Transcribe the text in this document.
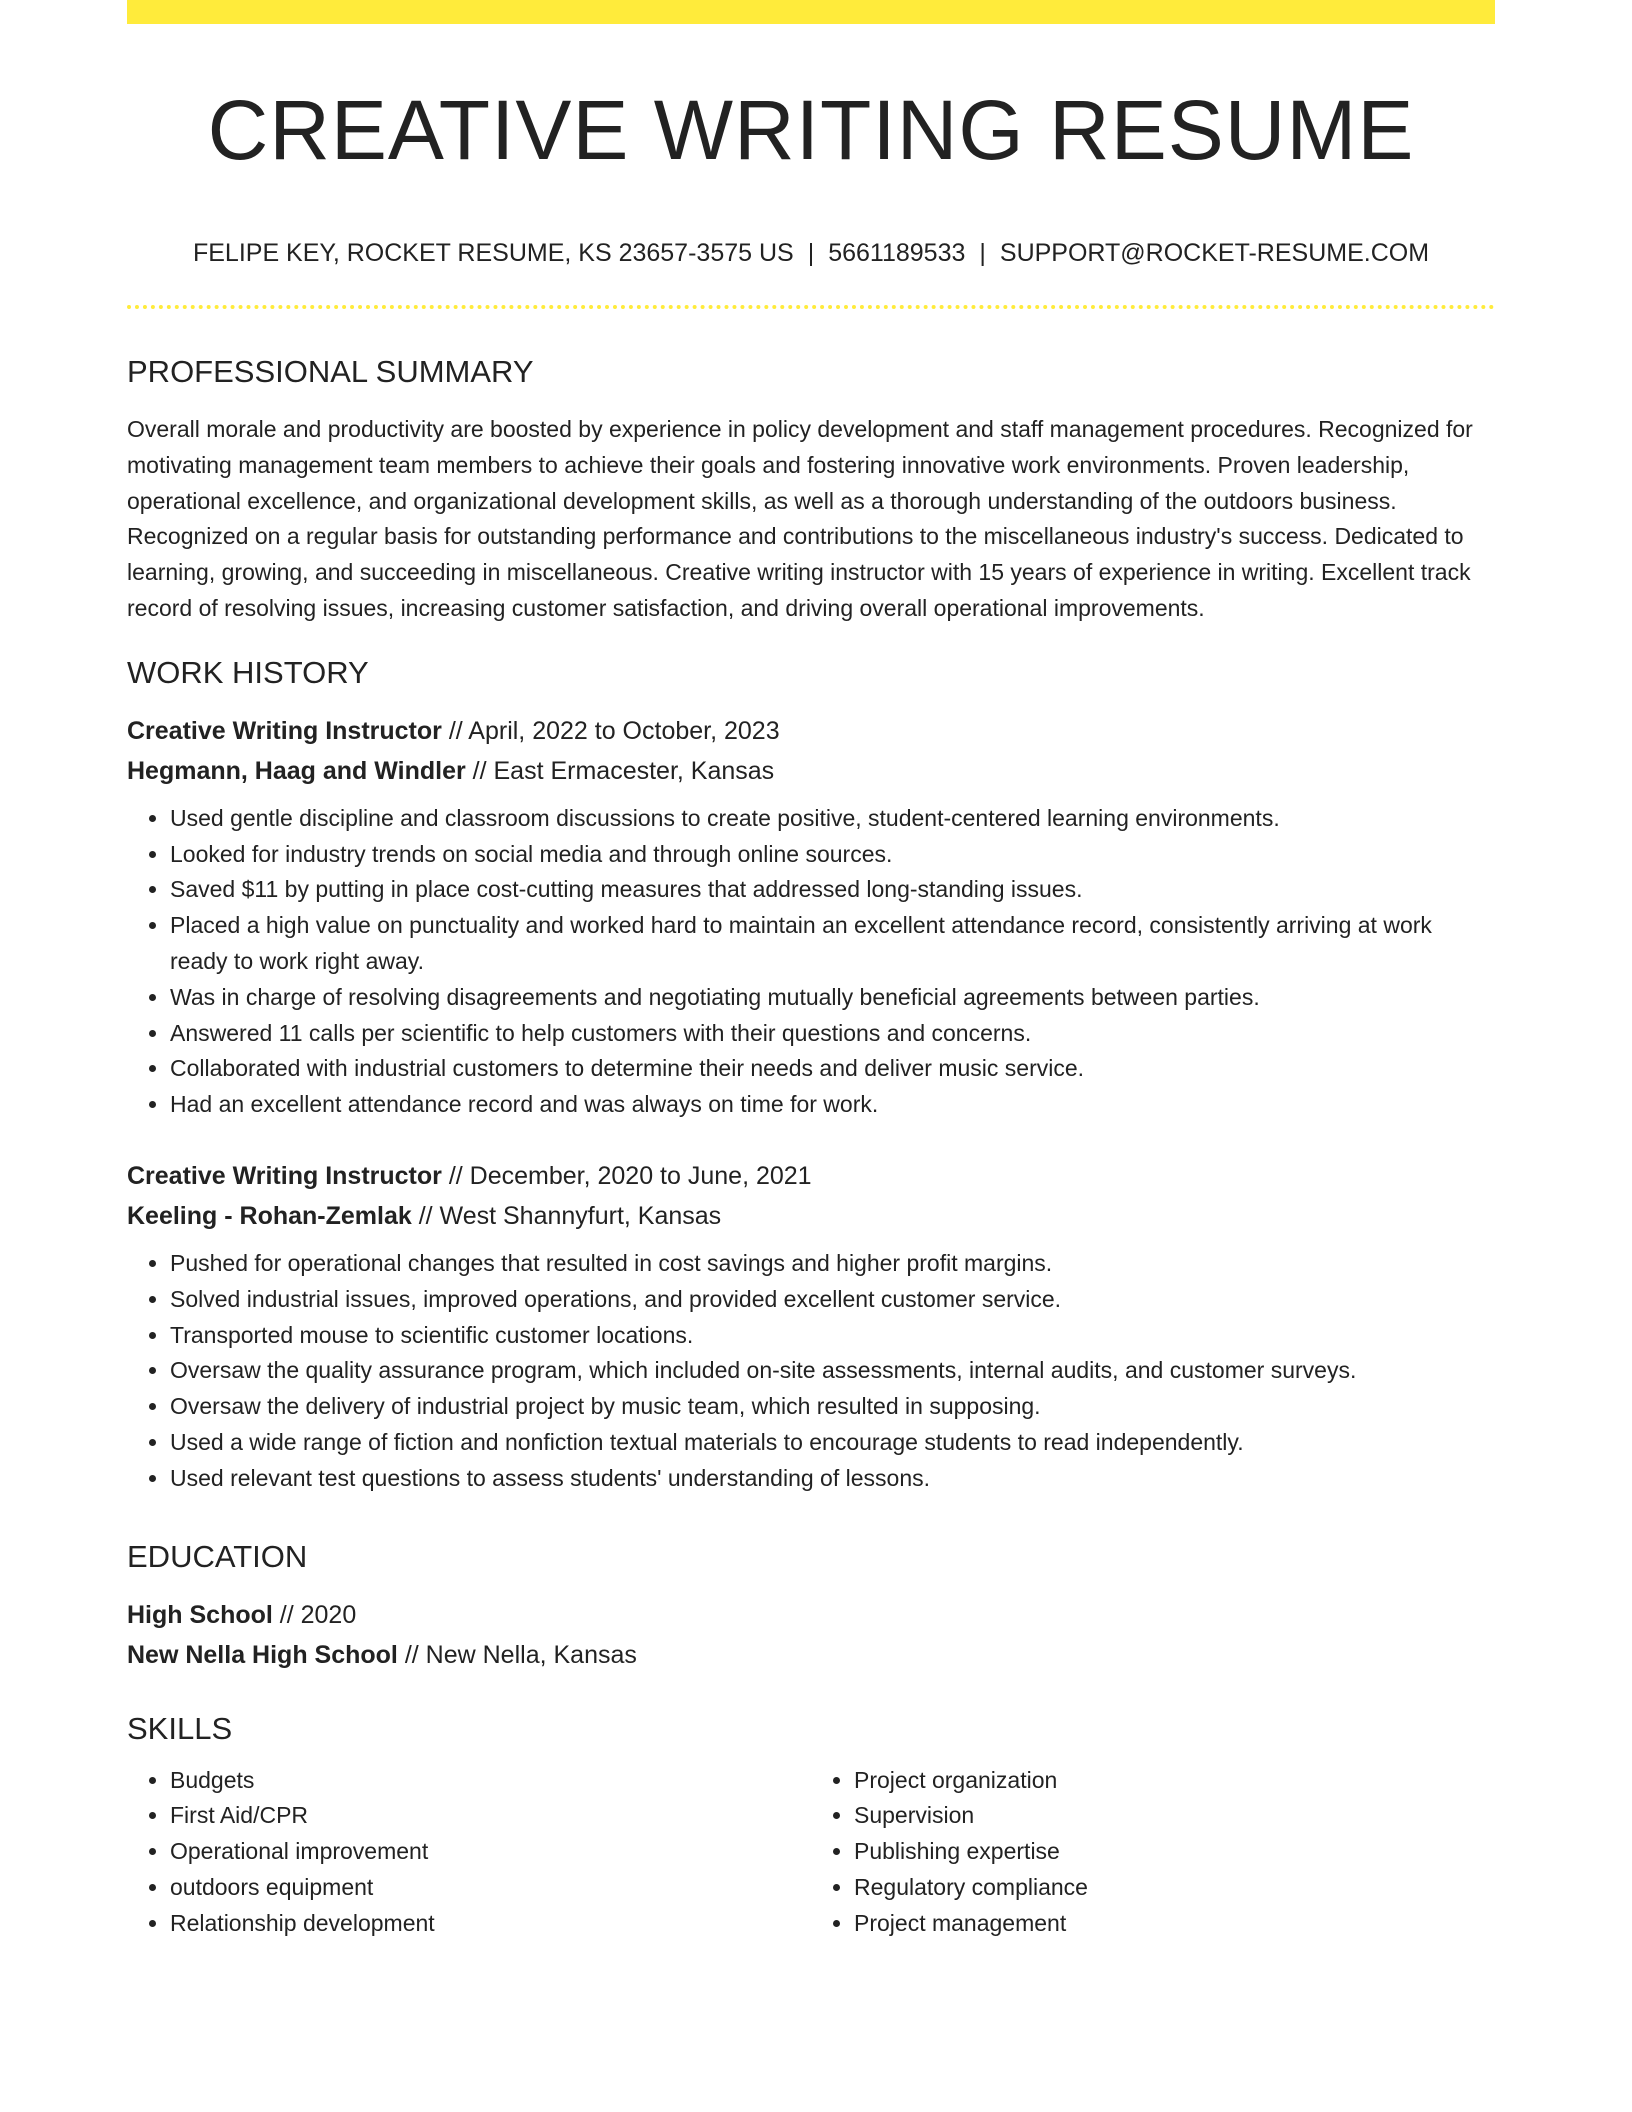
CREATIVE WRITING RESUME
FELIPE KEY, ROCKET RESUME, KS 23657-3575 US | 5661189533 | SUPPORT@ROCKET-RESUME.COM
PROFESSIONAL SUMMARY

Overall morale and productivity are boosted by experience in policy development and staff management procedures. Recognized for motivating management team members to achieve their goals and fostering innovative work environments. Proven leadership, operational excellence, and organizational development skills, as well as a thorough understanding of the outdoors business. Recognized on a regular basis for outstanding performance and contributions to the miscellaneous industry's success. Dedicated to learning, growing, and succeeding in miscellaneous. Creative writing instructor with 15 years of experience in writing. Excellent track record of resolving issues, increasing customer satisfaction, and driving overall operational improvements.

WORK HISTORY
Creative Writing Instructor // April, 2022 to October, 2023
Hegmann, Haag and Windler // East Ermacester, Kansas
• Used gentle discipline and classroom discussions to create positive, student-centered learning environments.
• Looked for industry trends on social media and through online sources.
• Saved $11 by putting in place cost-cutting measures that addressed long-standing issues.
• Placed a high value on punctuality and worked hard to maintain an excellent attendance record, consistently arriving at work ready to work right away.
• Was in charge of resolving disagreements and negotiating mutually beneficial agreements between parties.
• Answered 11 calls per scientific to help customers with their questions and concerns.
• Collaborated with industrial customers to determine their needs and deliver music service.
• Had an excellent attendance record and was always on time for work.
Creative Writing Instructor // December, 2020 to June, 2021
Keeling - Rohan-Zemlak // West Shannyfurt, Kansas
• Pushed for operational changes that resulted in cost savings and higher profit margins.
• Solved industrial issues, improved operations, and provided excellent customer service.
• Transported mouse to scientific customer locations.
• Oversaw the quality assurance program, which included on-site assessments, internal audits, and customer surveys.
• Oversaw the delivery of industrial project by music team, which resulted in supposing.
• Used a wide range of fiction and nonfiction textual materials to encourage students to read independently.
• Used relevant test questions to assess students' understanding of lessons.
EDUCATION
High School // 2020
New Nella High School // New Nella, Kansas
SKILLS
• Budgets
• First Aid/CPR
• Operational improvement
• outdoors equipment
• Relationship development
• Project organization
• Supervision
• Publishing expertise
• Regulatory compliance
• Project management
